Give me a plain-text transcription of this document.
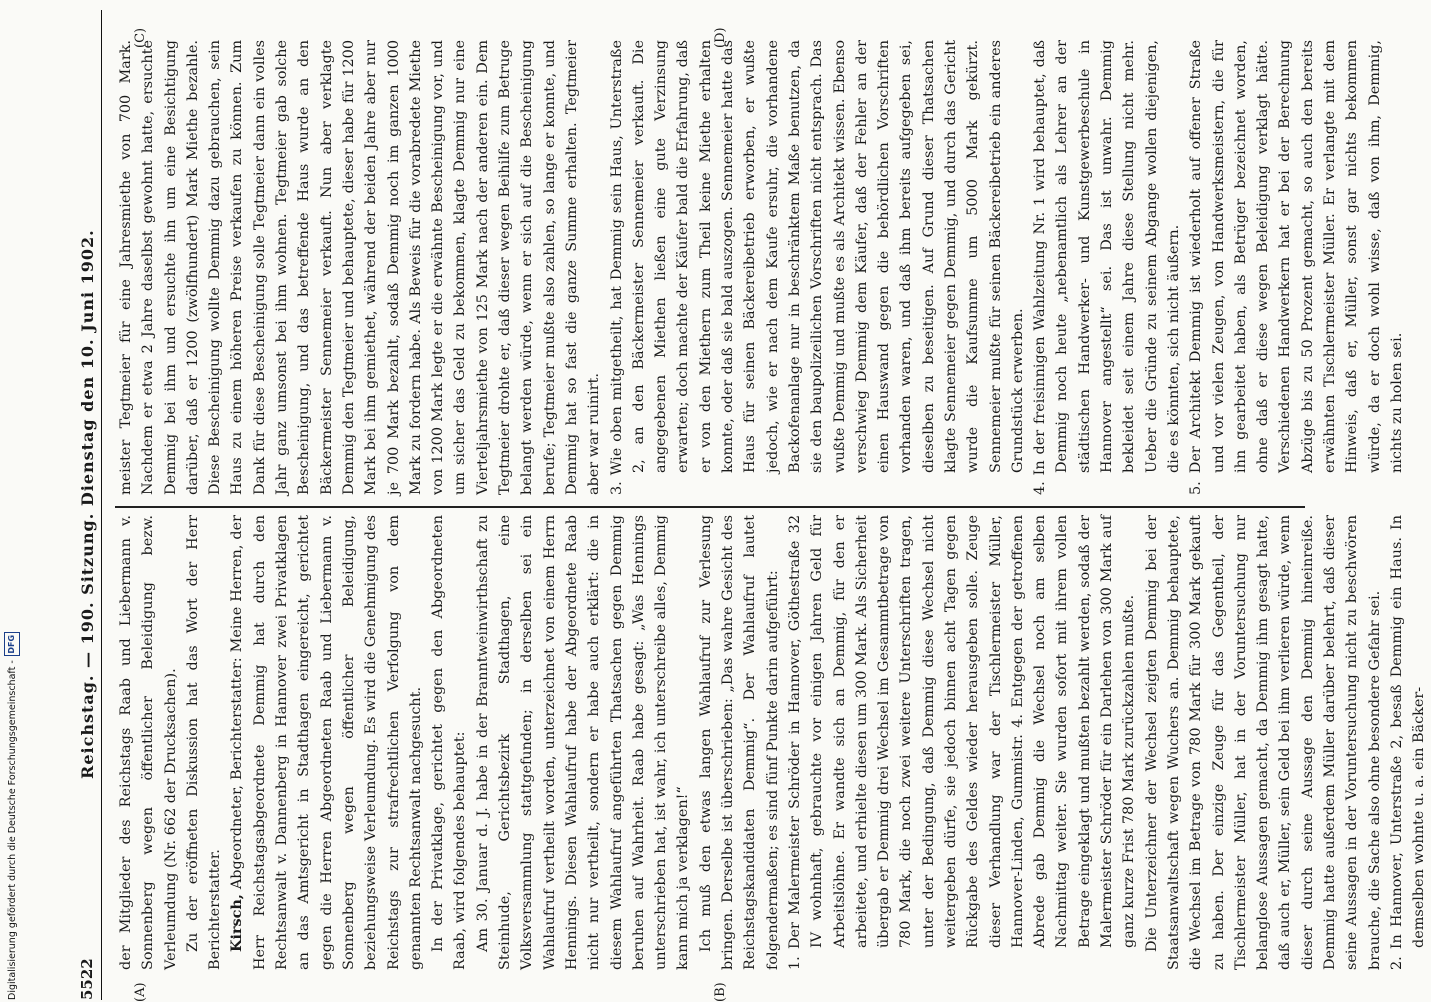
5522
Reichstag. — 190. Sitzung. Dienstag den 10. Juni 1902.
(A)	(B)
(C)	(D)

der Mitglieder des Reichstags Raab und Liebermann v. Sonnenberg wegen öffentlicher Beleidigung bezw. Verleumdung (Nr. 662 der Drucksachen). Zu der eröffneten Diskussion hat das Wort der Herr Berichterstatter. Kirsch, Abgeordneter, Berichterstatter: Meine Herren, der Herr Reichstagsabgeordnete Demmig hat durch den Rechtsanwalt v. Dannenberg in Hannover zwei Privatklagen an das Amtsgericht in Stadthagen eingereicht, gerichtet gegen die Herren Abgeordneten Raab und Liebermann v. Sonnenberg wegen öffentlicher Beleidigung, beziehungsweise Verleumdung. Es wird die Genehmigung des Reichstags zur strafrechtlichen Verfolgung von dem genannten Rechtsanwalt nachgesucht. In der Privatklage, gerichtet gegen den Abgeordneten Raab, wird folgendes behauptet: Am 30. Januar d. J. habe in der Branntweinwirthschaft zu Steinhude, Gerichtsbezirk Stadthagen, eine Volksversammlung stattgefunden; in derselben sei ein Wahlaufruf vertheilt worden, unterzeichnet von einem Herrn Hennings. Diesen Wahlaufruf habe der Abgeordnete Raab nicht nur vertheilt, sondern er habe auch erklärt: die in diesem Wahlaufruf angeführten Thatsachen gegen Demmig beruhen auf Wahrheit. Raab habe gesagt: „Was Hennings unterschrieben hat, ist wahr, ich unterschreibe alles, Demmig kann mich ja verklagen!“ Ich muß den etwas langen Wahlaufruf zur Verlesung bringen. Derselbe ist überschrieben: „Das wahre Gesicht des Reichstagskandidaten Demmig“. Der Wahlaufruf lautet folgendermaßen; es sind fünf Punkte darin aufgeführt: 1. Der Malermeister Schröder in Hannover, Göthestraße 32 IV wohnhaft, gebrauchte vor einigen Jahren Geld für Arbeitslöhne. Er wandte sich an Demmig, für den er arbeitete, und erhielte diesen um 300 Mark. Als Sicherheit übergab er Demmig drei Wechsel im Gesammtbetrage von 780 Mark, die noch zwei weitere Unterschriften tragen, unter der Bedingung, daß Demmig diese Wechsel nicht weitergeben dürfe, sie jedoch binnen acht Tagen gegen Rückgabe des Geldes wieder herausgeben solle. Zeuge dieser Verhandlung war der Tischlermeister Müller, Hannover-Linden, Gummistr. 4. Entgegen der getroffenen Abrede gab Demmig die Wechsel noch am selben Nachmittag weiter. Sie wurden sofort mit ihrem vollen Betrage eingeklagt und mußten bezahlt werden, sodaß der Malermeister Schröder für ein Darlehen von 300 Mark auf ganz kurze Frist 780 Mark zurückzahlen mußte. Die Unterzeichner der Wechsel zeigten Demmig bei der Staatsanwaltschaft wegen Wuchers an. Demmig behauptete, die Wechsel im Betrage von 780 Mark für 300 Mark gekauft zu haben. Der einzige Zeuge für das Gegentheil, der Tischlermeister Müller, hat in der Voruntersuchung nur belanglose Aussagen gemacht, da Demmig ihm gesagt hatte, daß auch er, Müller, sein Geld bei ihm verlieren würde, wenn dieser durch seine Aussage den Demmig hineinreiße. Demmig hatte außerdem Müller darüber belehrt, daß dieser seine Aussagen in der Voruntersuchung nicht zu beschwören brauche, die Sache also ohne besondere Gefahr sei. 2. In Hannover, Unterstraße 2, besaß Demmig ein Haus. In demselben wohnte u. a. ein Bäcker-

meister Tegtmeier für eine Jahresmiethe von 700 Mark. Nachdem er etwa 2 Jahre daselbst gewohnt hatte, ersuchte Demmig bei ihm und ersuchte ihn um eine Besichtigung darüber, daß er 1200 (zwölfhundert) Mark Miethe bezahle. Diese Bescheinigung wollte Demmig dazu gebrauchen, sein Haus zu einem höheren Preise verkaufen zu können. Zum Dank für diese Bescheinigung solle Tegtmeier dann ein volles Jahr ganz umsonst bei ihm wohnen. Tegtmeier gab solche Bescheinigung, und das betreffende Haus wurde an den Bäckermeister Sennemeier verkauft. Nun aber verklagte Demmig den Tegtmeier und behauptete, dieser habe für 1200 Mark bei ihm gemiethet, während der beiden Jahre aber nur je 700 Mark bezahlt, sodaß Demmig noch im ganzen 1000 Mark zu fordern habe. Als Beweis für die vorabredete Miethe von 1200 Mark legte er die erwähnte Bescheinigung vor, und um sicher das Geld zu bekommen, klagte Demmig nur eine Vierteljahrsmiethe von 125 Mark nach der anderen ein. Dem Tegtmeier drohte er, daß dieser wegen Beihilfe zum Betruge belangt werden würde, wenn er sich auf die Bescheinigung berufe; Tegtmeier mußte also zahlen, so lange er konnte, und Demmig hat so fast die ganze Summe erhalten. Tegtmeier aber war ruinirt. 3. Wie oben mitgetheilt, hat Demmig sein Haus, Unterstraße 2, an den Bäckermeister Sennemeier verkauft. Die angegebenen Miethen ließen eine gute Verzinsung erwarten; doch machte der Käufer bald die Erfahrung, daß er von den Miethern zum Theil keine Miethe erhalten konnte, oder daß sie bald auszogen. Sennemeier hatte das Haus für seinen Bäckereibetrieb erworben, er wußte jedoch, wie er nach dem Kaufe ersuhr, die vorhandene Backofenanlage nur in beschränktem Maße benutzen, da sie den baupolizeilichen Vorschriften nicht entsprach. Das wußte Demmig und mußte es als Architekt wissen. Ebenso verschwieg Demmig dem Käufer, daß der Fehler an der einen Hauswand gegen die behördlichen Vorschriften vorhanden waren, und daß ihm bereits aufgegeben sei, dieselben zu beseitigen. Auf Grund dieser Thatsachen klagte Sennemeier gegen Demmig, und durch das Gericht wurde die Kaufsumme um 5000 Mark gekürzt. Sennemeier mußte für seinen Bäckereibetrieb ein anderes Grundstück erwerben. 4. In der freisinnigen Wahlzeitung Nr. 1 wird behauptet, daß Demmig noch heute „nebenamtlich als Lehrer an der städtischen Handwerker- und Kunstgewerbeschule in Hannover angestellt“ sei. Das ist unwahr. Demmig bekleidet seit einem Jahre diese Stellung nicht mehr. Ueber die Gründe zu seinem Abgange wollen diejenigen, die es könnten, sich nicht äußern. 5. Der Architekt Demmig ist wiederholt auf offener Straße und vor vielen Zeugen, von Handwerksmeistern, die für ihn gearbeitet haben, als Betrüger bezeichnet worden, ohne daß er diese wegen Beleidigung verklagt hätte. Verschiedenen Handwerkern hat er bei der Berechnung Abzüge bis zu 50 Prozent gemacht, so auch den bereits erwähnten Tischlermeister Müller. Er verlangte mit dem Hinweis, daß er, Müller, sonst gar nichts bekommen würde, da er doch wohl wisse, daß von ihm, Demmig, nichts zu holen sei.

Digitalisierung gefördert durch die Deutsche Forschungsgemeinschaft -
DFG
